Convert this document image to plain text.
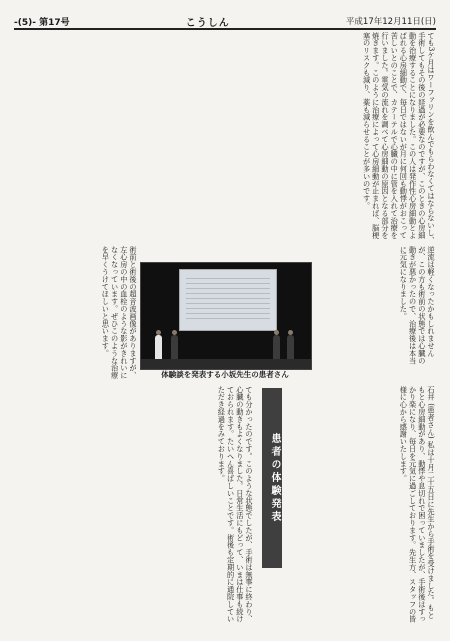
-(5)- 第17号	こうしん	平成17年12月11日(日)
ても3ケ月はワーファリンを飲んでもらわなくてはならないし、手術してもその後の経過が必要なのですが、このときの心房細動を治療することになりました。この人は発作性心房細動とよばれる心房細動で、毎日ではないが月に何回も動悸がおこって苦しいとのことで、カテーテルで心臓の中に管を入れて治療を行いました。電気の流れを調べて心房細動の原因となる部分を焼きます。このように治療によって心房細動が止まれば、脳梗塞のリスクも減り、薬も減らせることが多いのです。
術前と術後の超音波画像がありますが、左心房の中の血栓のような影がきれいになくなっています。ぜひこのような治療を早くうけてほしいと思います。
体験談を発表する小坂先生の患者さん
逆流は軽くなったかもしれませんが、この方も術前の状態では心臓の動きが悪かったので、治療後は本当に元気になりました。
ても分かったのです。このような状態でしたが、手術は無事に終わり、心臓の動きもよくなりました。日常生活にもどって、いまは仕事も続けておられます。たいへん喜ばしいことです。術後も定期的に通院していただき経過をみております。	患者の体験発表	石井 (患者さん) 私は十月二十五日に先生から手術を受けました。もともと心房細動があり、動悸や息切れで困っていましたが、手術後はすっかり楽になり、毎日を元気に過ごしております。先生方、スタッフの皆様に心から感謝いたします。
